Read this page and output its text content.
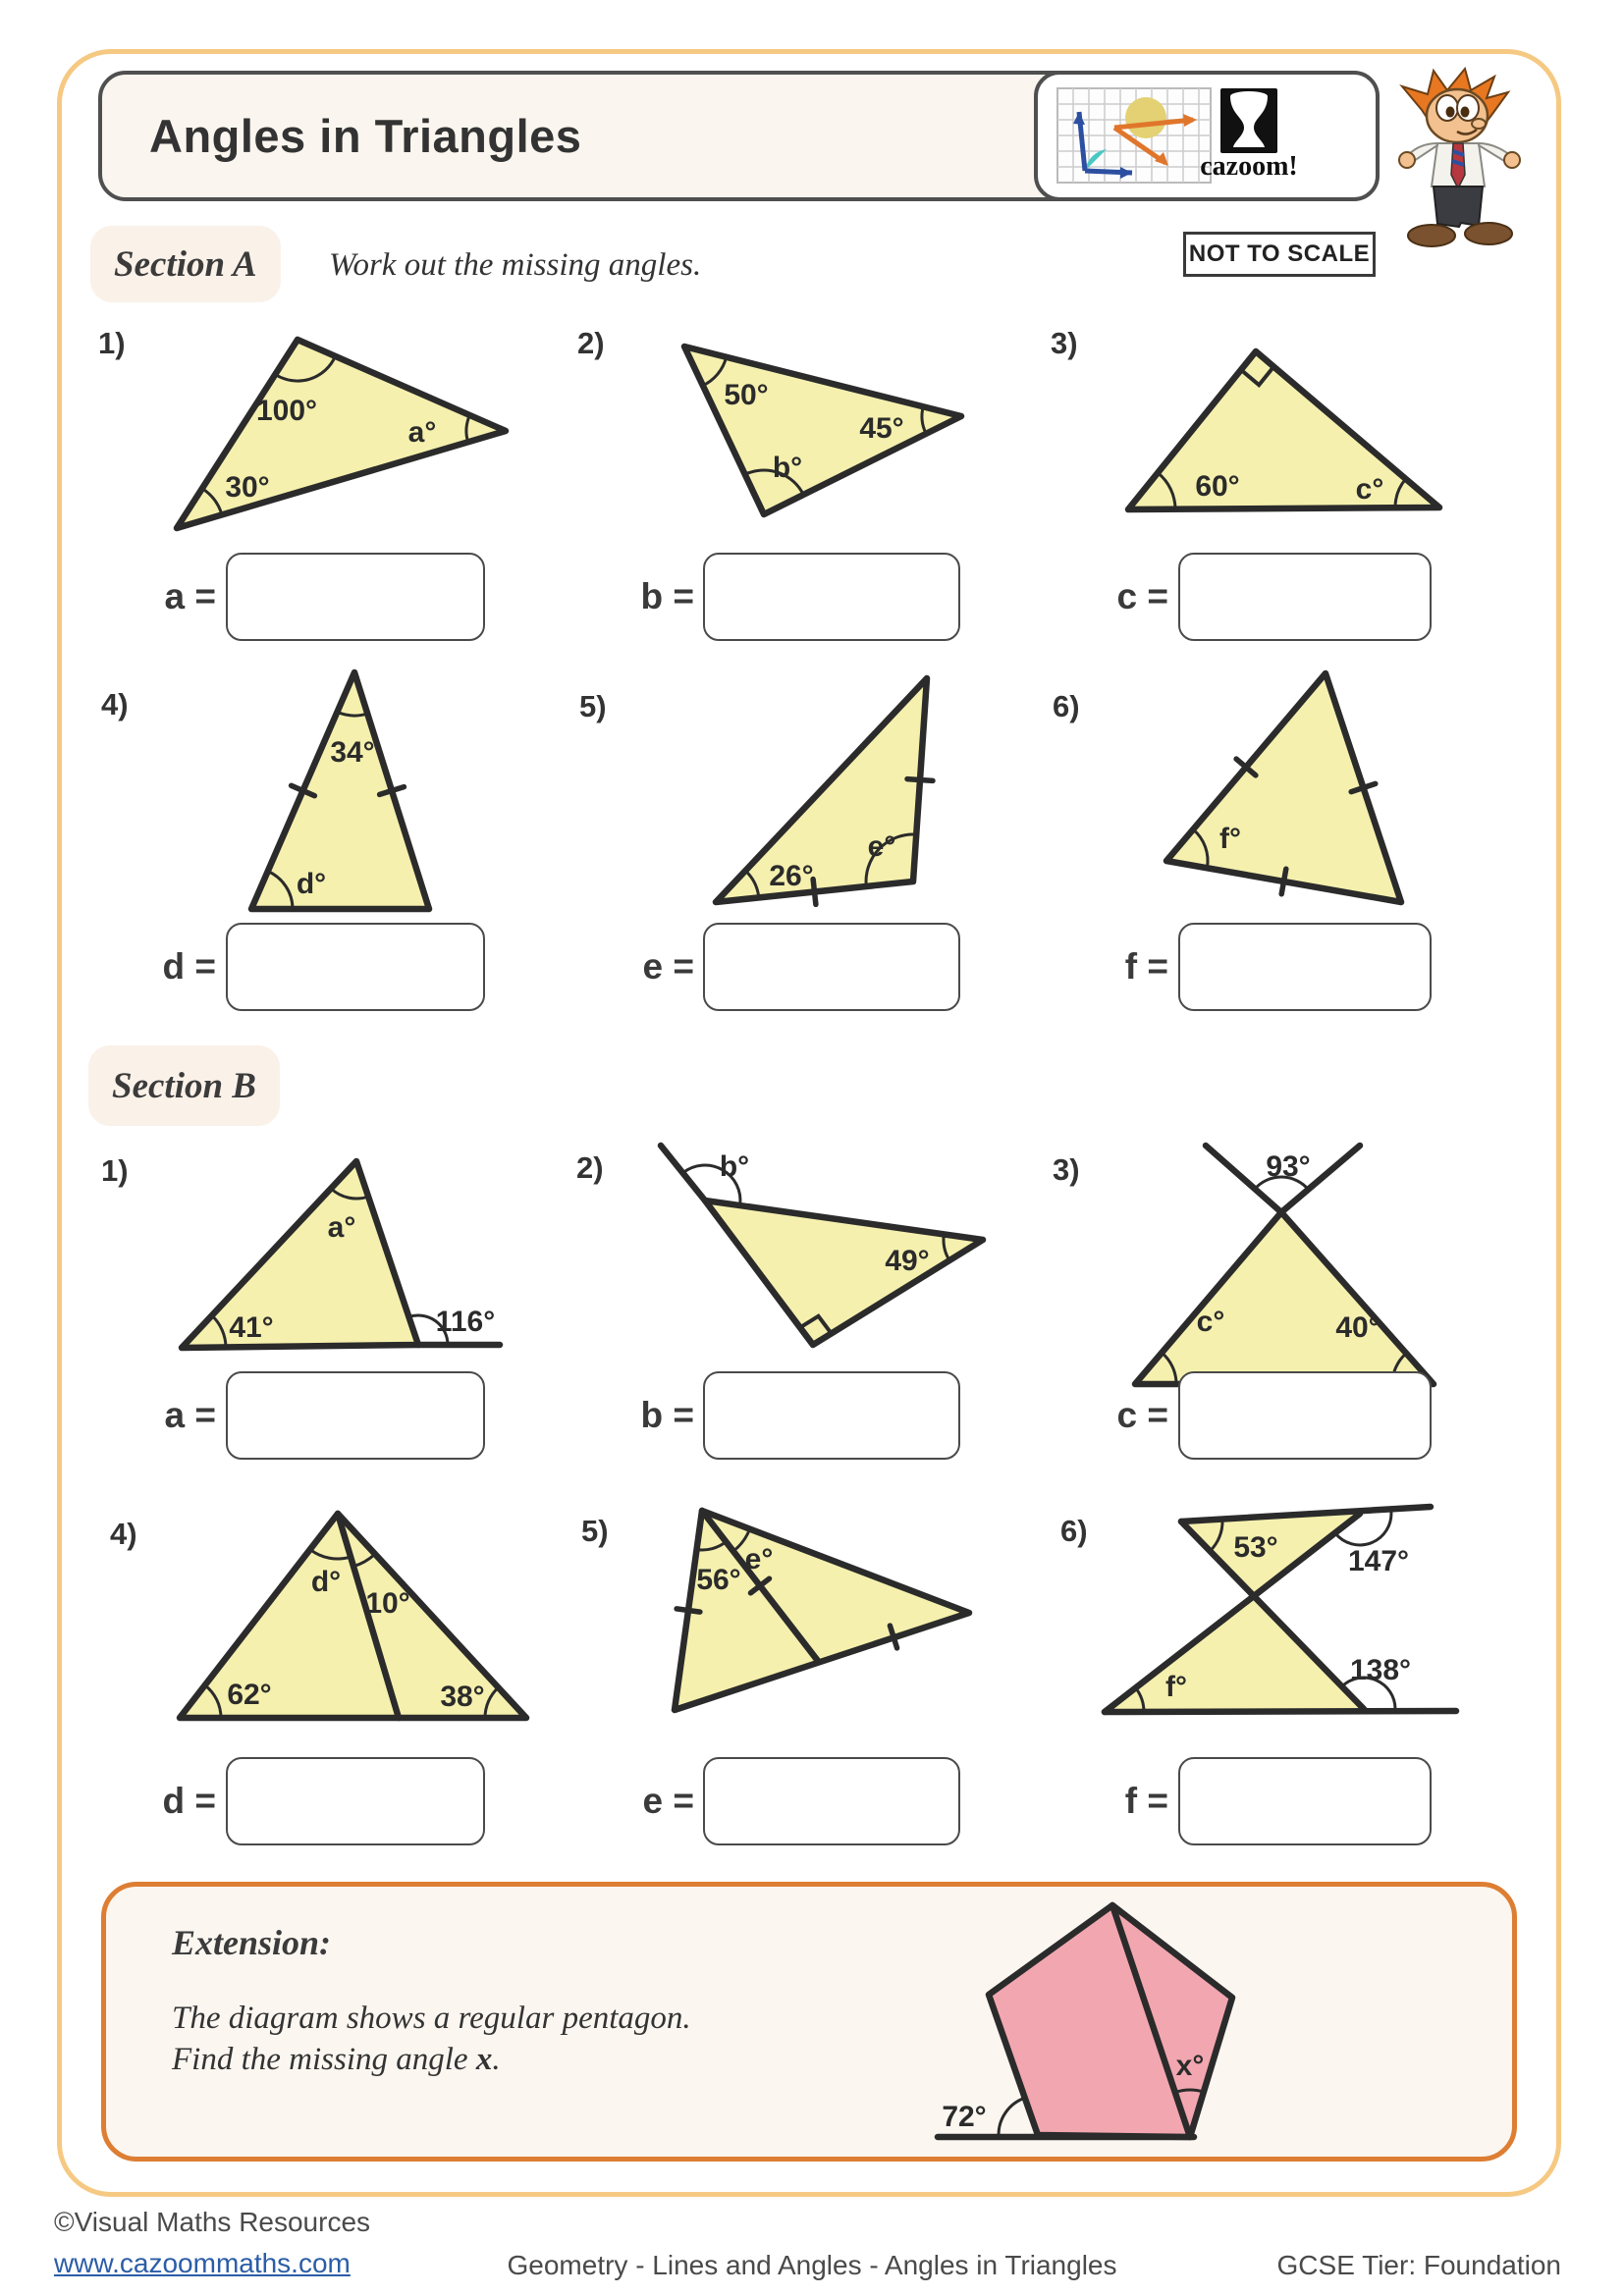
Angles in Triangles
cazoom!
NOT TO SCALE
Section A	Work out the missing angles.
1)
100°
a°
30°
2)
50°
45°
b°
3)
60°	c°
4)
34°
d°
5)
26°
e°
6)
f°
a =	b =	c =
d =	e =	f =
Section B
1)
a°
41°	116°
2)	b°
49°
3)	93°
c°	40°
4)
d°
10°
62°	38°
5)
56°
e°
6)	53° 147°
f°
138°
a =	b =	c =
d =	e =	f =
Extension:
The diagram shows a regular pentagon.
Find the missing angle x.	x°
72°
©Visual Maths Resources
www.cazoommaths.com	Geometry - Lines and Angles - Angles in Triangles	GCSE Tier: Foundation
